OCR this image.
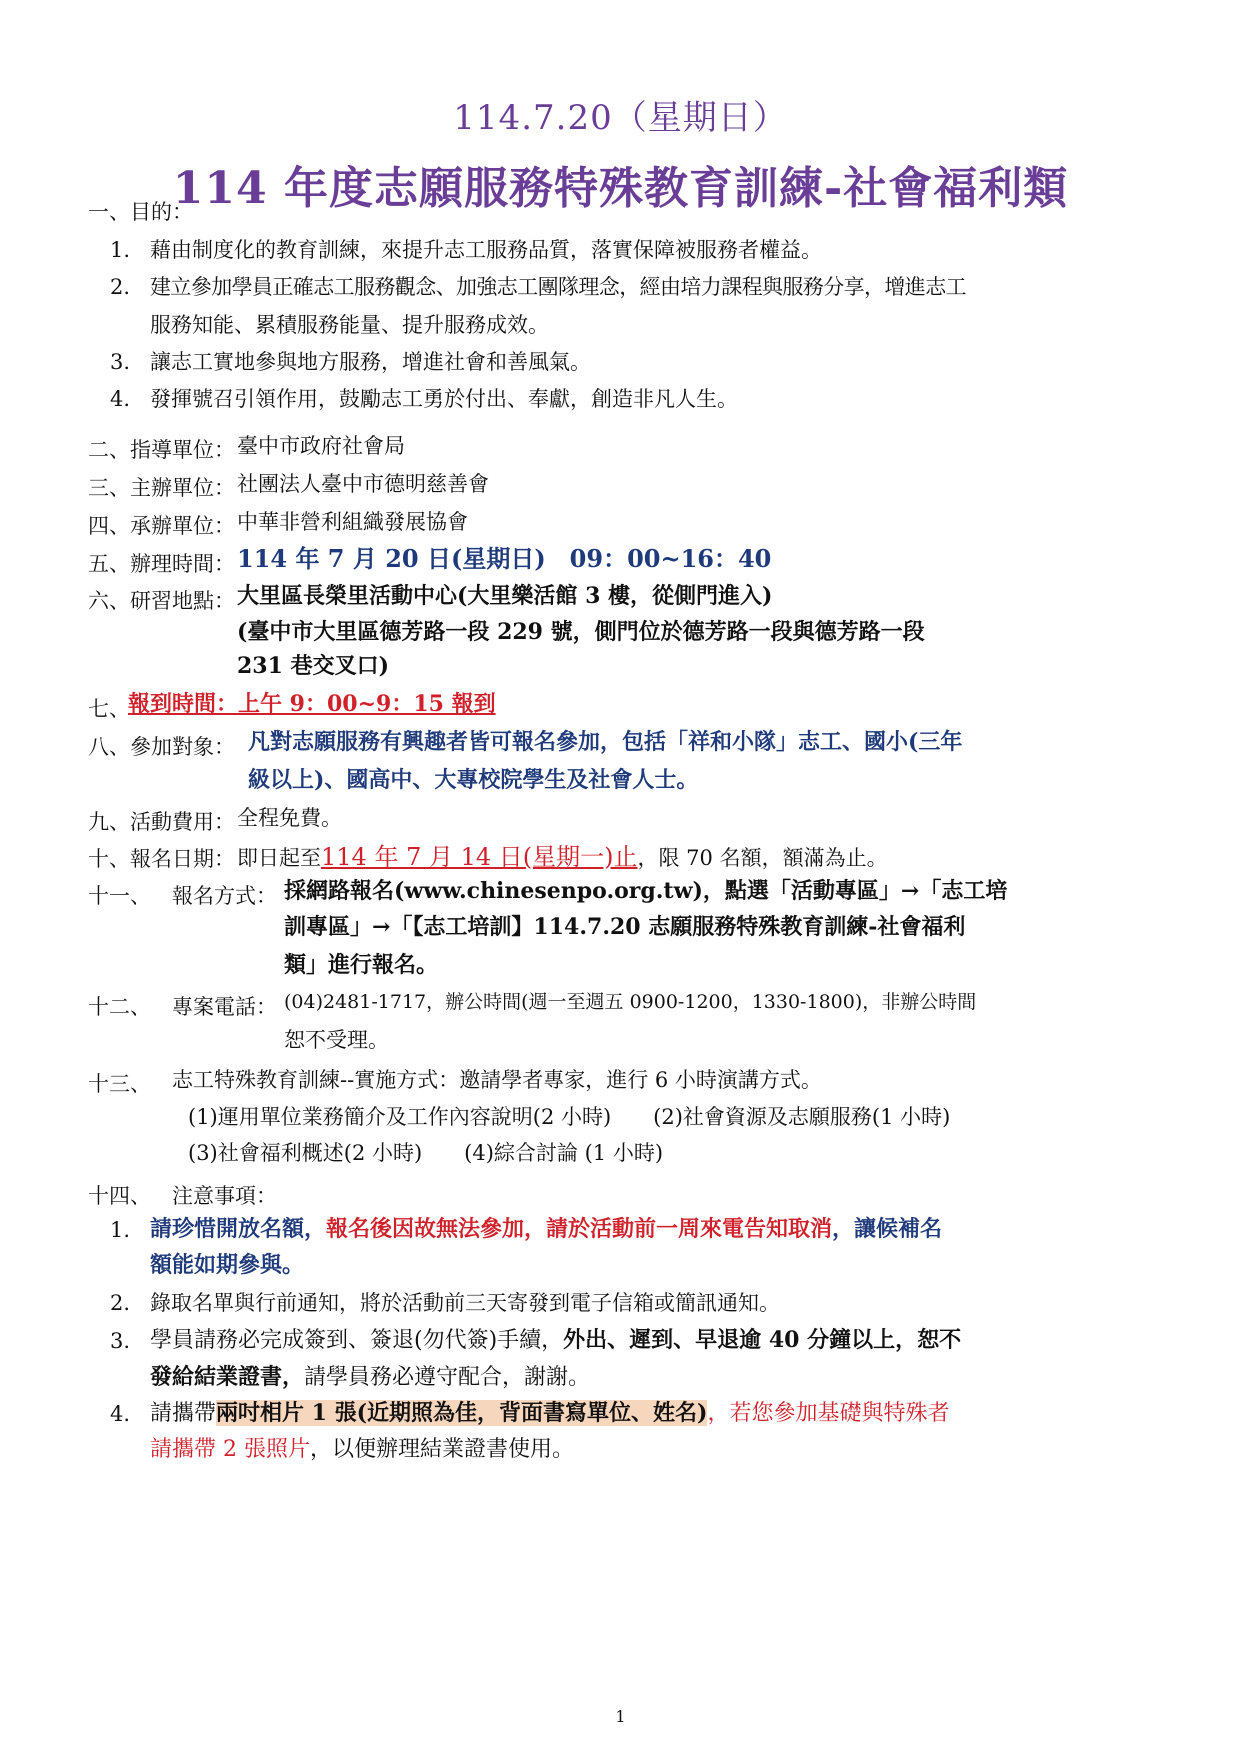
114.7.20（星期日）
114 年度志願服務特殊教育訓練-社會福利類
一、目的：
1. 藉由制度化的教育訓練，來提升志工服務品質，落實保障被服務者權益。
2. 建立參加學員正確志工服務觀念、加強志工團隊理念，經由培力課程與服務分享，增進志工
服務知能、累積服務能量、提升服務成效。
3. 讓志工實地參與地方服務，增進社會和善風氣。
4. 發揮號召引領作用，鼓勵志工勇於付出、奉獻，創造非凡人生。
二、指導單位： 臺中市政府社會局
三、主辦單位： 社團法人臺中市德明慈善會
四、承辦單位： 中華非營利組織發展協會
五、辦理時間： 114 年 7 月 20 日(星期日)　09：00~16：40
六、研習地點： 大里區長榮里活動中心(大里樂活館 3 樓，從側門進入)
(臺中市大里區德芳路一段 229 號，側門位於德芳路一段與德芳路一段
231 巷交叉口)
七、
報到時間：上午 9：00~9：15 報到
八、參加對象： 凡對志願服務有興趣者皆可報名參加，包括「祥和小隊」志工、國小(三年
級以上)、國高中、大專校院學生及社會人士。
九、活動費用： 全程免費。
十、報名日期： 即日起至114 年 7 月 14 日(星期一)止，限 70 名額，額滿為止。
十一、 報名方式： 採網路報名(www.chinesenpo.org.tw)，點選「活動專區」→「志工培
訓專區」→「【志工培訓】114.7.20 志願服務特殊教育訓練-社會福利
類」進行報名。
十二、 專案電話： (04)2481-1717，辦公時間(週一至週五 0900-1200，1330-1800)，非辦公時間
恕不受理。
十三、 志工特殊教育訓練--實施方式：邀請學者專家，進行 6 小時演講方式。
(1)運用單位業務簡介及工作內容說明(2 小時)　　(2)社會資源及志願服務(1 小時)
(3)社會福利概述(2 小時)　　(4)綜合討論 (1 小時)
十四、 注意事項：
1. 請珍惜開放名額，報名後因故無法參加，請於活動前一周來電告知取消，讓候補名
額能如期參與。
2. 錄取名單與行前通知，將於活動前三天寄發到電子信箱或簡訊通知。
3. 學員請務必完成簽到、簽退(勿代簽)手續，外出、遲到、早退逾 40 分鐘以上，恕不
發給結業證書，請學員務必遵守配合，謝謝。
4. 請攜帶兩吋相片 1 張(近期照為佳，背面書寫單位、姓名)，若您參加基礎與特殊者
請攜帶 2 張照片，以便辦理結業證書使用。
1
